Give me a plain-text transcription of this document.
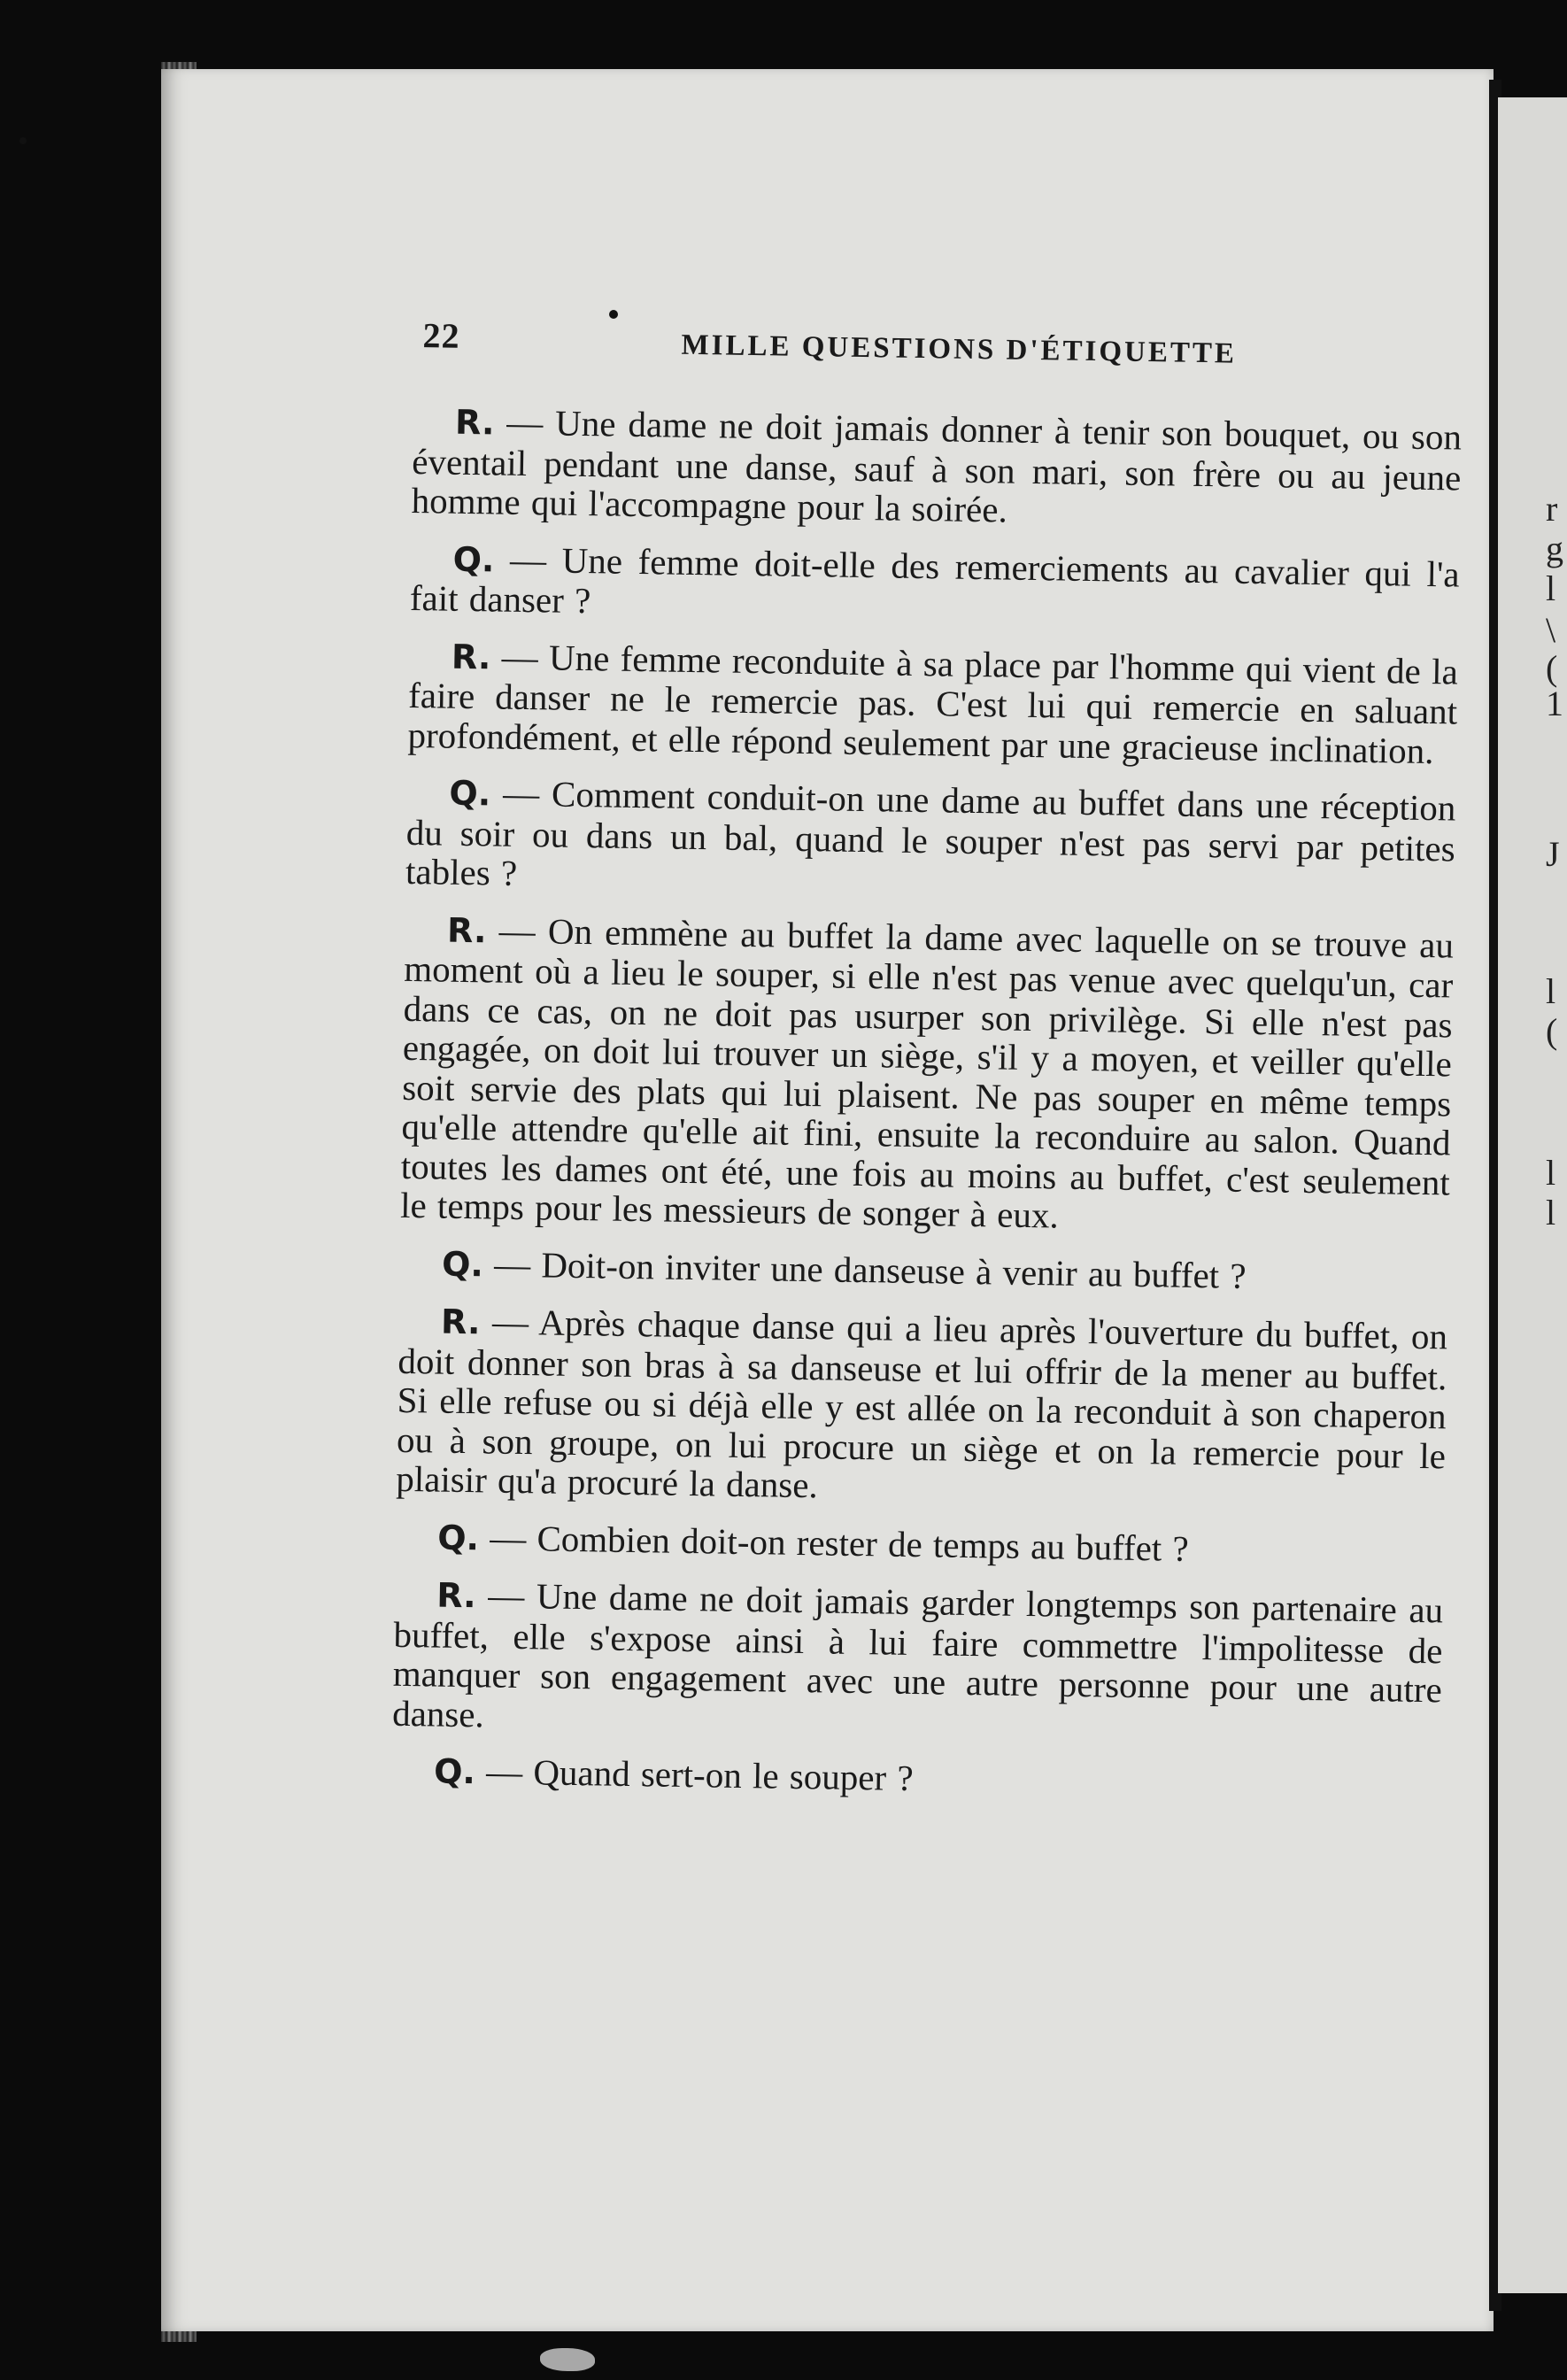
r
g
l
\
(
1
J
l
(
l
l
22	MILLE QUESTIONS D'ÉTIQUETTE

R. — Une dame ne doit jamais donner à tenir son bouquet, ou son éventail pendant une danse, sauf à son mari, son frère ou au jeune homme qui l'accompagne pour la soirée.

Q. — Une femme doit-elle des remerciements au cavalier qui l'a fait danser ?

R. — Une femme reconduite à sa place par l'homme qui vient de la faire danser ne le remercie pas. C'est lui qui remercie en saluant profondément, et elle répond seulement par une gracieuse inclination.

Q. — Comment conduit-on une dame au buffet dans une réception du soir ou dans un bal, quand le souper n'est pas servi par petites tables ?

R. — On emmène au buffet la dame avec laquelle on se trouve au moment où a lieu le souper, si elle n'est pas venue avec quelqu'un, car dans ce cas, on ne doit pas usurper son privilège. Si elle n'est pas engagée, on doit lui trouver un siège, s'il y a moyen, et veiller qu'elle soit servie des plats qui lui plaisent. Ne pas souper en même temps qu'elle attendre qu'elle ait fini, ensuite la reconduire au salon. Quand toutes les dames ont été, une fois au moins au buffet, c'est seulement le temps pour les messieurs de songer à eux.

Q. — Doit-on inviter une danseuse à venir au buffet ?

R. — Après chaque danse qui a lieu après l'ouverture du buffet, on doit donner son bras à sa danseuse et lui offrir de la mener au buffet. Si elle refuse ou si déjà elle y est allée on la reconduit à son chaperon ou à son groupe, on lui procure un siège et on la remercie pour le plaisir qu'a procuré la danse.

Q. — Combien doit-on rester de temps au buffet ?

R. — Une dame ne doit jamais garder longtemps son partenaire au buffet, elle s'expose ainsi à lui faire commettre l'impolitesse de manquer son engagement avec une autre personne pour une autre danse.

Q. — Quand sert-on le souper ?
